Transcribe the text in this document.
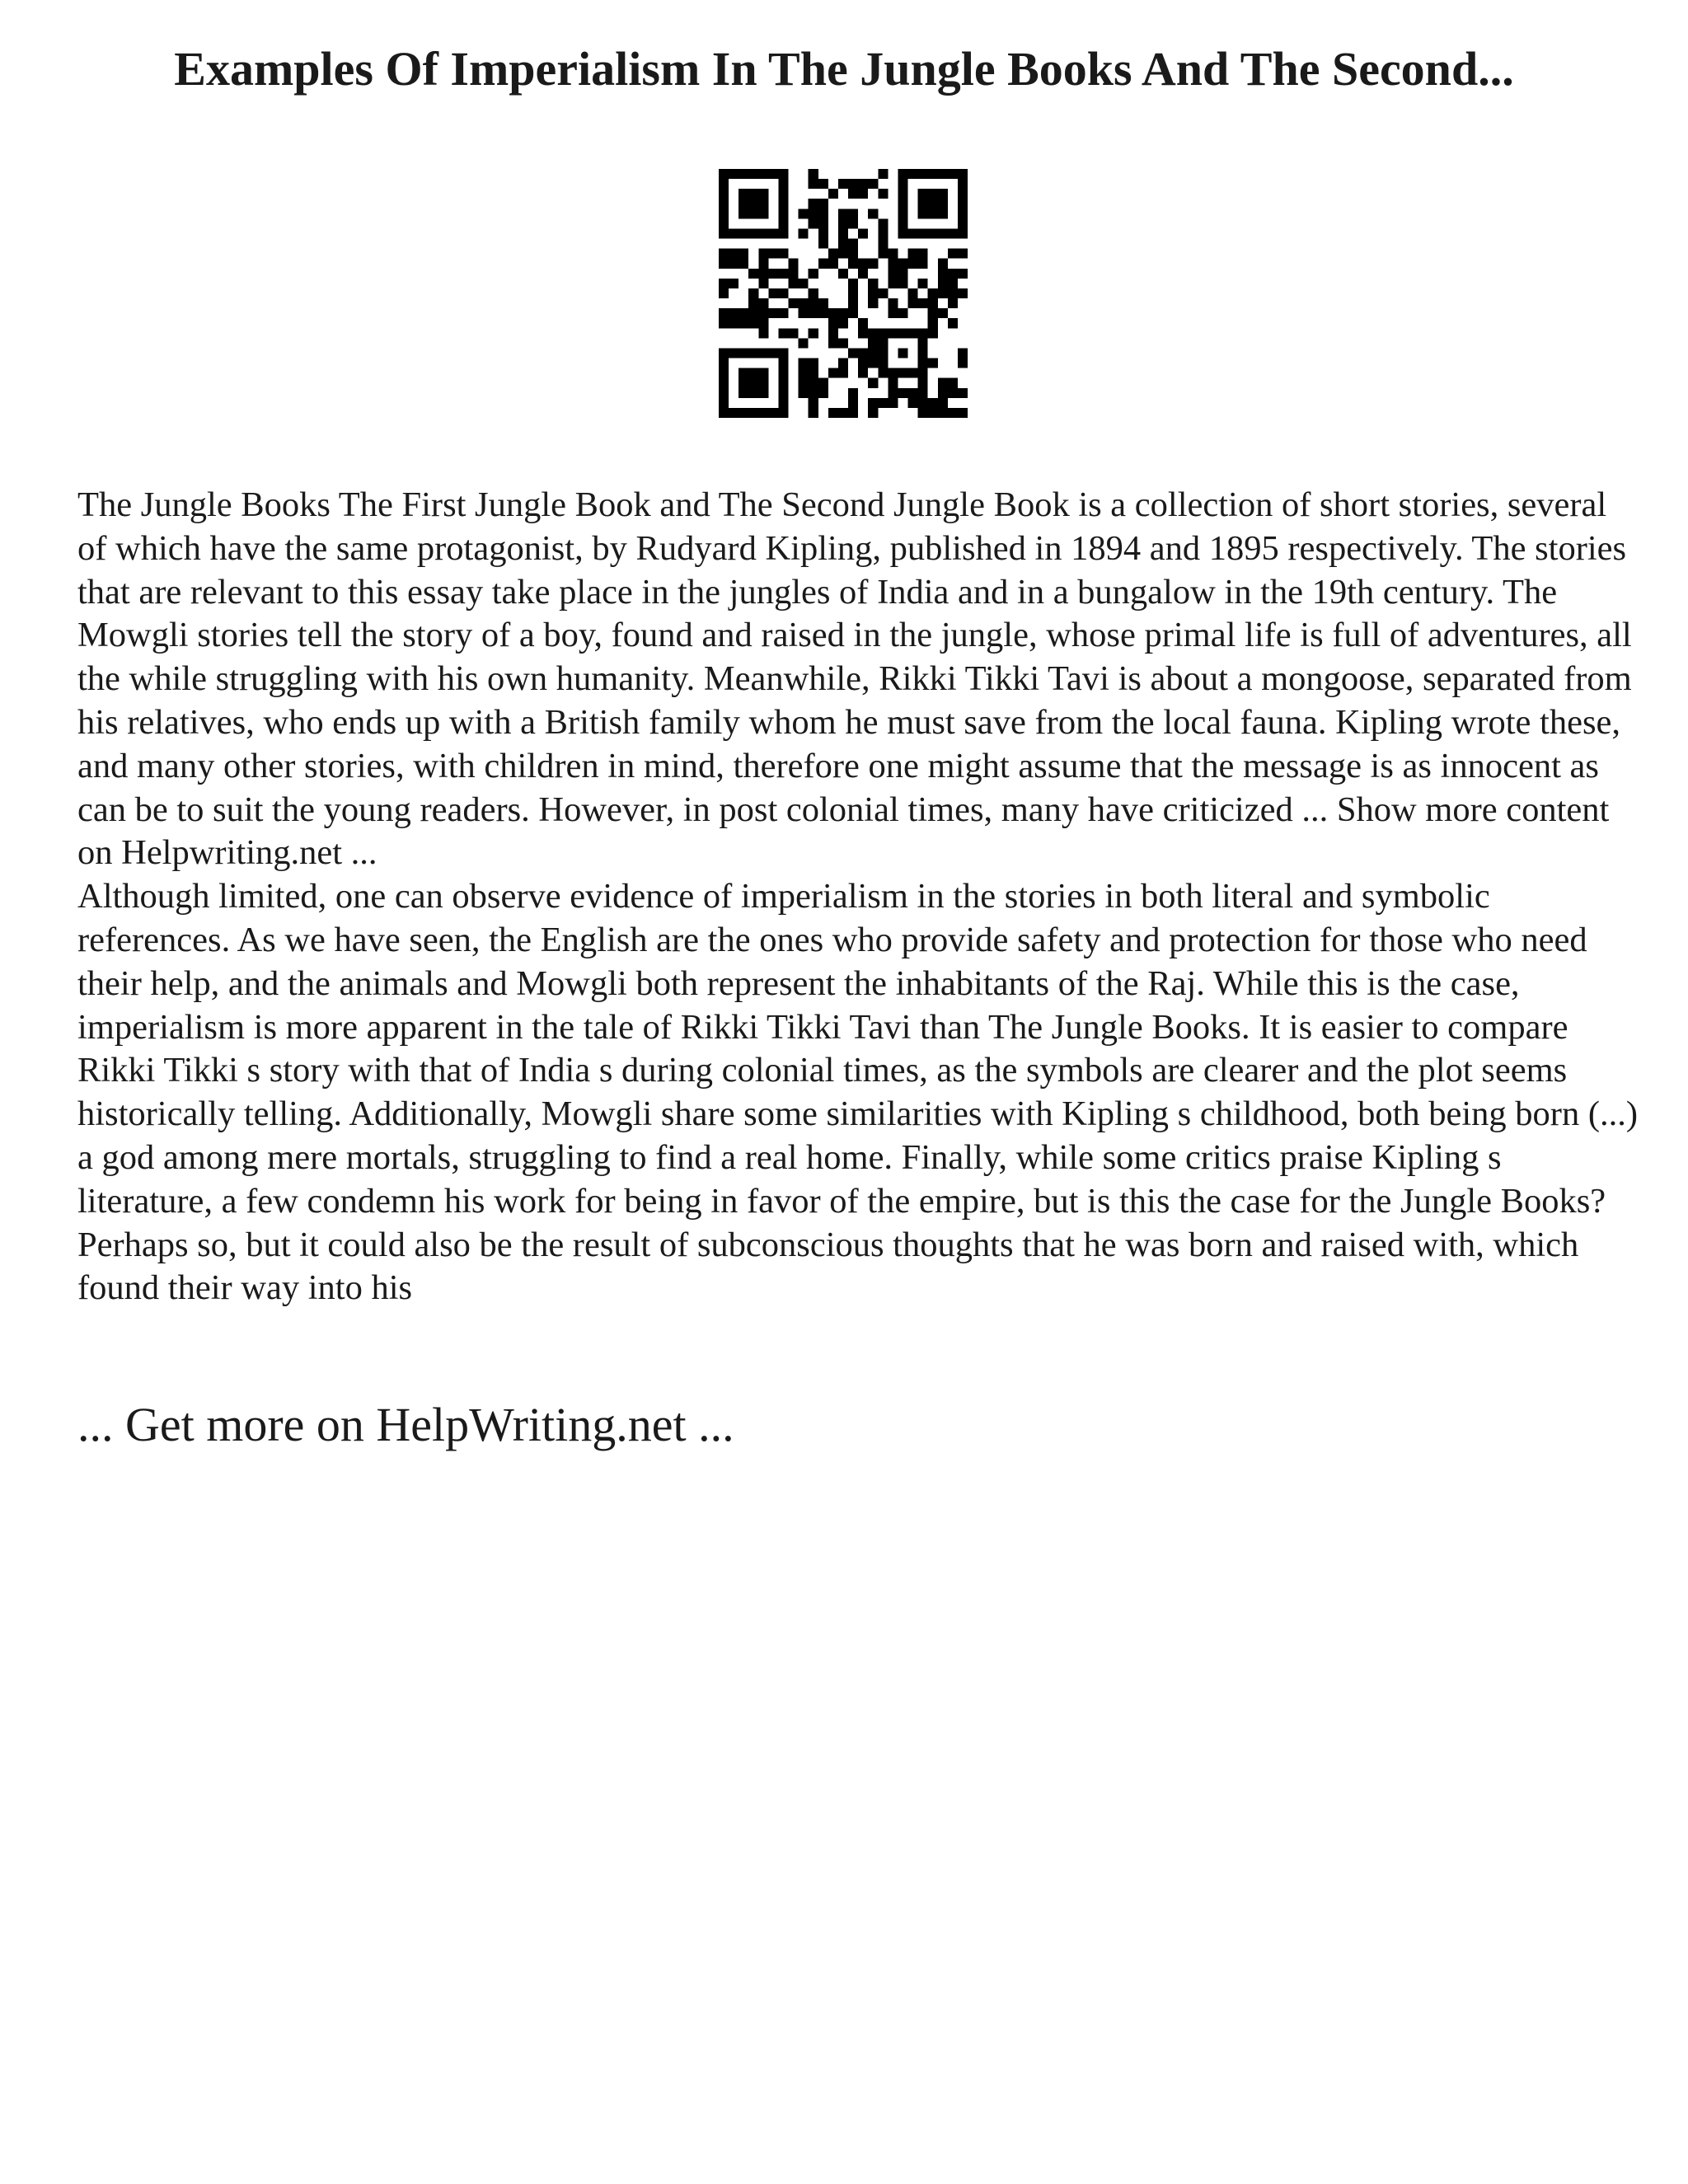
Examples Of Imperialism In The Jungle Books And The Second...

The Jungle Books The First Jungle Book and The Second Jungle Book is a collection of short stories, several of which have the same protagonist, by Rudyard Kipling, published in 1894 and 1895 respectively. The stories that are relevant to this essay take place in the jungles of India and in a bungalow in the 19th century. The Mowgli stories tell the story of a boy, found and raised in the jungle, whose primal life is full of adventures, all the while struggling with his own humanity. Meanwhile, Rikki Tikki Tavi is about a mongoose, separated from his relatives, who ends up with a British family whom he must save from the local fauna. Kipling wrote these, and many other stories, with children in mind, therefore one might assume that the message is as innocent as can be to suit the young readers. However, in post colonial times, many have criticized ... Show more content on Helpwriting.net ...

Although limited, one can observe evidence of imperialism in the stories in both literal and symbolic references. As we have seen, the English are the ones who provide safety and protection for those who need their help, and the animals and Mowgli both represent the inhabitants of the Raj. While this is the case, imperialism is more apparent in the tale of Rikki Tikki Tavi than The Jungle Books. It is easier to compare Rikki Tikki s story with that of India s during colonial times, as the symbols are clearer and the plot seems historically telling. Additionally, Mowgli share some similarities with Kipling s childhood, both being born (...) a god among mere mortals, struggling to find a real home. Finally, while some critics praise Kipling s literature, a few condemn his work for being in favor of the empire, but is this the case for the Jungle Books? Perhaps so, but it could also be the result of subconscious thoughts that he was born and raised with, which found their way into his

... Get more on HelpWriting.net ...
